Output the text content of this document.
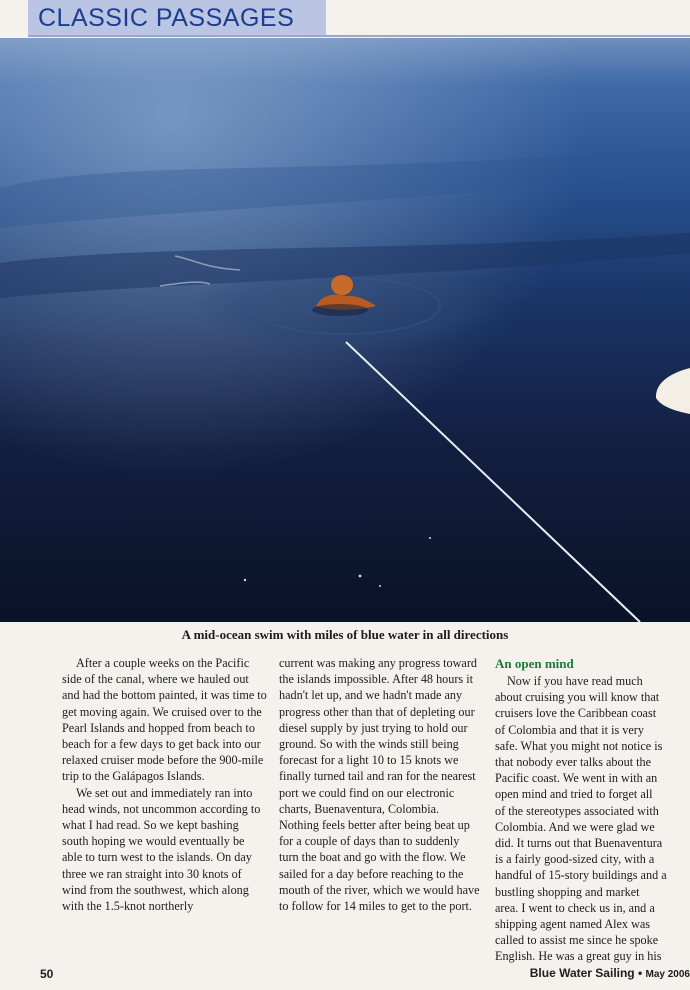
CLASSIC PASSAGES
A mid-ocean swim with miles of blue water in all directions

After a couple weeks on the Pacific side of the canal, where we hauled out and had the bottom painted, it was time to get moving again. We cruised over to the Pearl Islands and hopped from beach to beach for a few days to get back into our relaxed cruiser mode before the 900-mile trip to the Galápagos Islands.

We set out and immediately ran into head winds, not uncommon according to what I had read. So we kept bashing south hoping we would eventually be able to turn west to the islands. On day three we ran straight into 30 knots of wind from the southwest, which along with the 1.5-knot northerly

current was making any progress toward the islands impossible. After 48 hours it hadn't let up, and we hadn't made any progress other than that of depleting our diesel supply by just trying to hold our ground. So with the winds still being forecast for a light 10 to 15 knots we finally turned tail and ran for the nearest port we could find on our electronic charts, Buenaventura, Colombia. Nothing feels better after being beat up for a couple of days than to suddenly turn the boat and go with the flow. We sailed for a day before reaching to the mouth of the river, which we would have to follow for 14 miles to get to the port.

An open mind

Now if you have read much

about cruising you will know that

cruisers love the Caribbean coast

of Colombia and that it is very

safe. What you might not notice is

that nobody ever talks about the

Pacific coast. We went in with an

open mind and tried to forget all

of the stereotypes associated with

Colombia. And we were glad we

did. It turns out that Buenaventura

is a fairly good-sized city, with a

handful of 15-story buildings and a

bustling shopping and market

area. I went to check us in, and a

shipping agent named Alex was

called to assist me since he spoke

English. He was a great guy in his

50	Blue Water Sailing • May 2006
